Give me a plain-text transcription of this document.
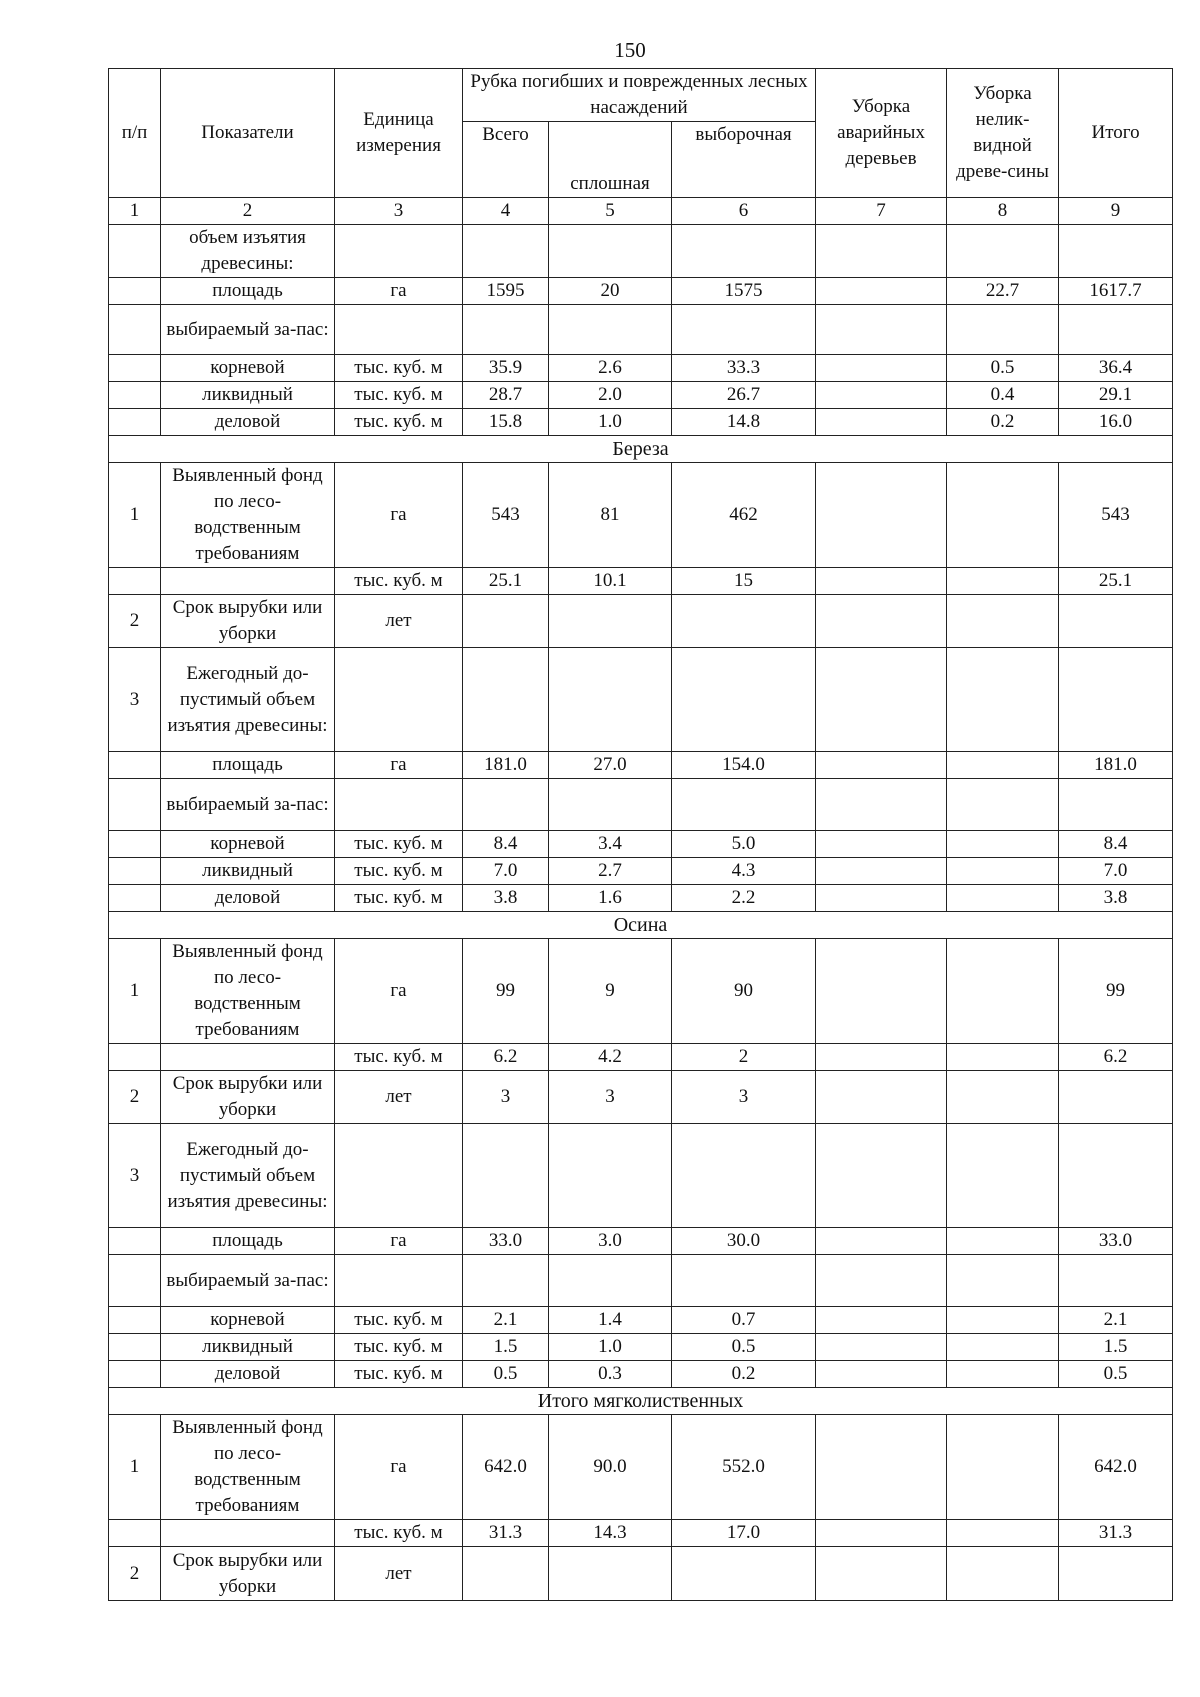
150
п/п	Показатели	Единица измерения	Рубка погибших и поврежденных лесных насаждений			Уборка аварийных деревьев	Уборка нелик-видной древе-сины	Итого
			Всего	сплошная	выборочная			
1	2	3	4	5	6	7	8	9
	объем изъятия древесины:							
	площадь	га	1595	20	1575		22.7	1617.7
	выбираемый за-пас:							
	корневой	тыс. куб. м	35.9	2.6	33.3		0.5	36.4
	ликвидный	тыс. куб. м	28.7	2.0	26.7		0.4	29.1
	деловой	тыс. куб. м	15.8	1.0	14.8		0.2	16.0
Береза								
1	Выявленный фонд по лесо-водственным требованиям	га	543	81	462			543
		тыс. куб. м	25.1	10.1	15			25.1
2	Срок вырубки или уборки	лет						
3	Ежегодный до-пустимый объем изъятия древесины:							
	площадь	га	181.0	27.0	154.0			181.0
	выбираемый за-пас:							
	корневой	тыс. куб. м	8.4	3.4	5.0			8.4
	ликвидный	тыс. куб. м	7.0	2.7	4.3			7.0
	деловой	тыс. куб. м	3.8	1.6	2.2			3.8
Осина								
1	Выявленный фонд по лесо-водственным требованиям	га	99	9	90			99
		тыс. куб. м	6.2	4.2	2			6.2
2	Срок вырубки или уборки	лет	3	3	3			
3	Ежегодный до-пустимый объем изъятия древесины:							
	площадь	га	33.0	3.0	30.0			33.0
	выбираемый за-пас:							
	корневой	тыс. куб. м	2.1	1.4	0.7			2.1
	ликвидный	тыс. куб. м	1.5	1.0	0.5			1.5
	деловой	тыс. куб. м	0.5	0.3	0.2			0.5
Итого мягколиственных								
1	Выявленный фонд по лесо-водственным требованиям	га	642.0	90.0	552.0			642.0
		тыс. куб. м	31.3	14.3	17.0			31.3
2	Срок вырубки или уборки	лет						
